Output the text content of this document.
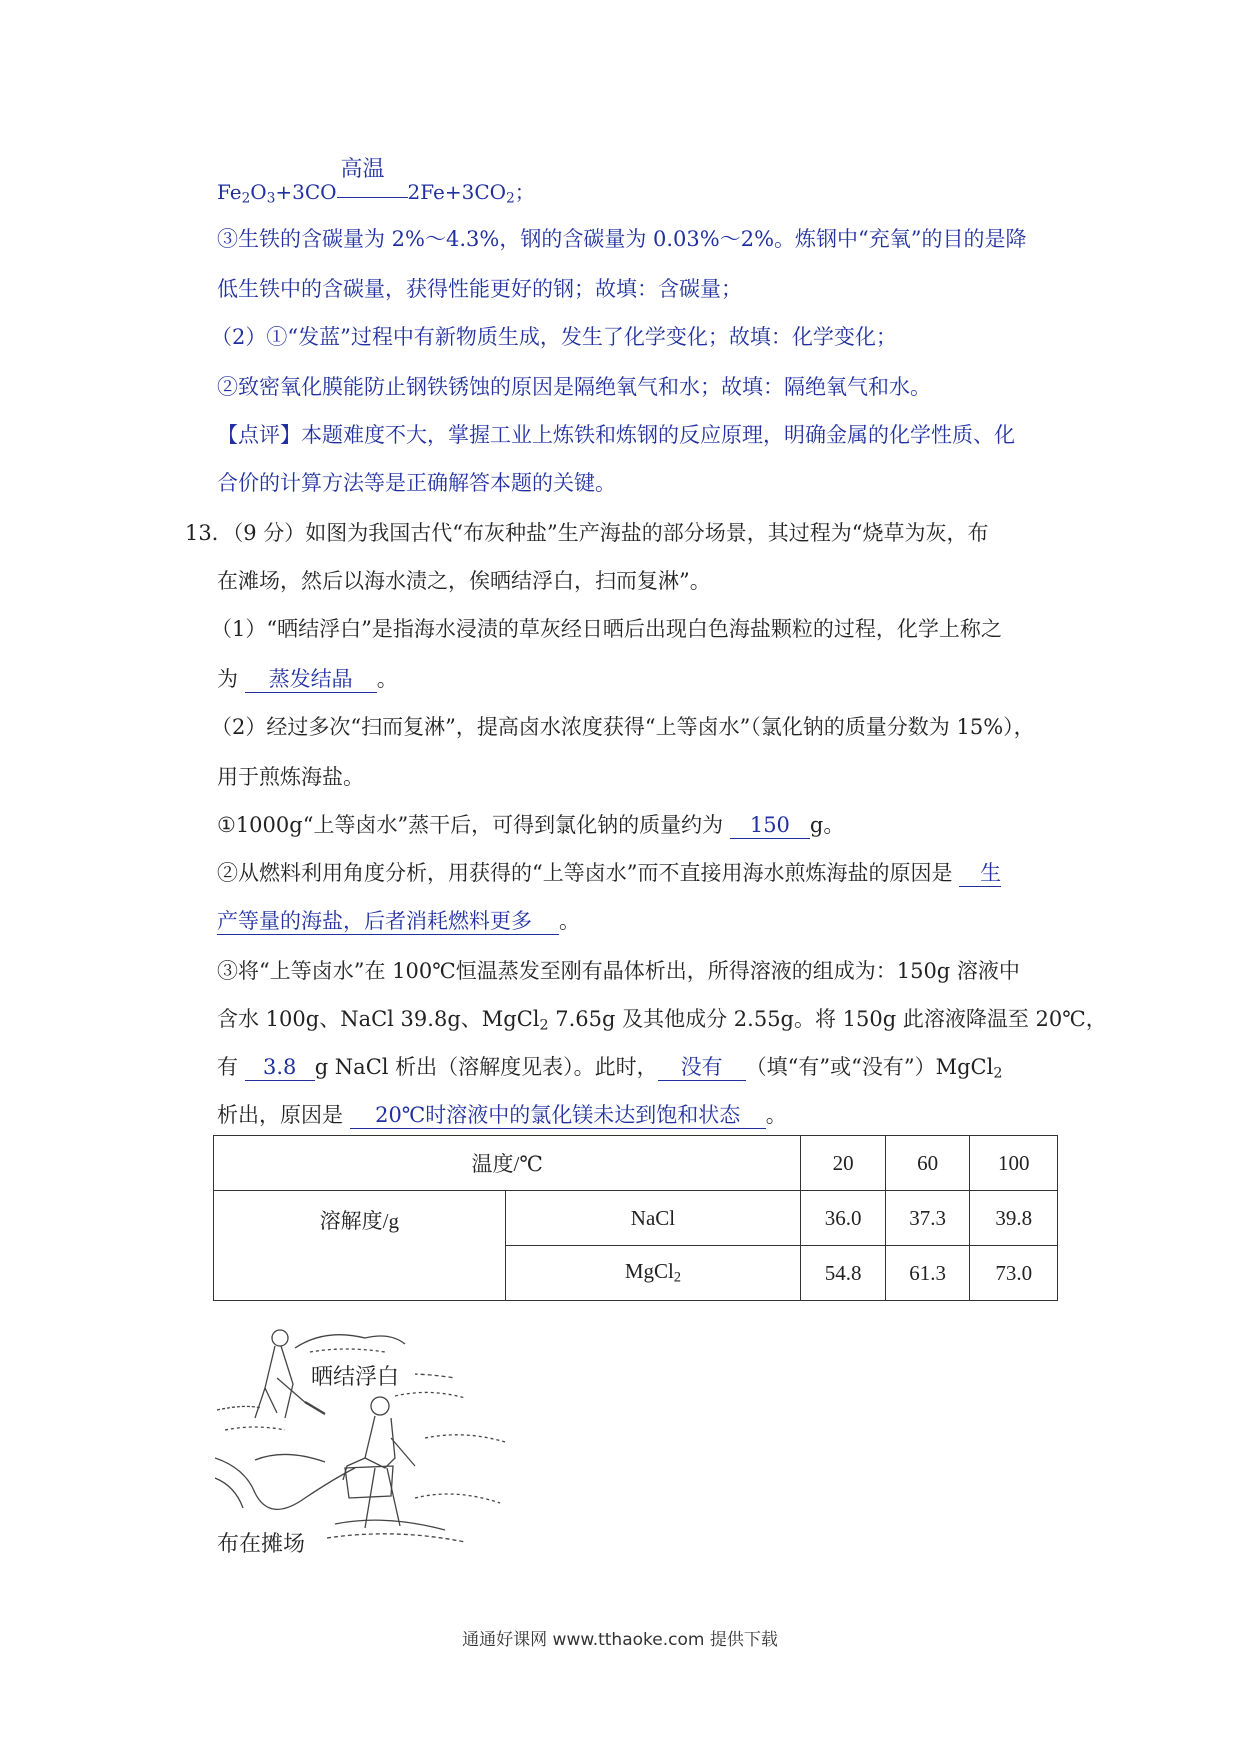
$Fe_2O_3+3CO$
高温

$2Fe+3CO_2$；
③生铁的含碳量为 2%～4.3%，钢的含碳量为 0.03%～2%。炼钢中“充氧”的目的是降
低生铁中的含碳量，获得性能更好的钢；故填：含碳量；
（2）①“发蓝”过程中有新物质生成，发生了化学变化；故填：化学变化；
②致密氧化膜能防止钢铁锈蚀的原因是隔绝氧气和水；故填：隔绝氧气和水。
【点评】本题难度不大，掌握工业上炼铁和炼钢的反应原理，明确金属的化学性质、化
合价的计算方法等是正确解答本题的关键。
13．（9 分）如图为我国古代“布灰种盐”生产海盐的部分场景，其过程为“烧草为灰，布
在滩场，然后以海水渍之，俟晒结浮白，扫而复淋”。
（1）“晒结浮白”是指海水浸渍的草灰经日晒后出现白色海盐颗粒的过程，化学上称之
为 蒸发结晶 。
（2）经过多次“扫而复淋”，提高卤水浓度获得“上等卤水”（氯化钠的质量分数为 15%），
用于煎炼海盐。
①1000g“上等卤水”蒸干后，可得到氯化钠的质量约为 150 g。
②从燃料利用角度分析，用获得的“上等卤水”而不直接用海水煎炼海盐的原因是 生
产等量的海盐，后者消耗燃料更多 。
③将“上等卤水”在 100℃恒温蒸发至刚有晶体析出，所得溶液的组成为：150g 溶液中
含水 100g、NaCl 39.8g、MgCl$_2$ 7.65g 及其他成分 2.55g。将 150g 此溶液降温至 20℃，
有 3.8 g NaCl 析出（溶解度见表）。此时， 没有 （填“有”或“没有”）MgCl$_2$
析出，原因是 20℃时溶液中的氯化镁未达到饱和状态 。
温度/℃		20	60	100
溶解度/g	NaCl	36.0	37.3	39.8
	MgCl$_2$	54.8	61.3	73.0
晒结浮白
布在摊场
通通好课网 www.tthaoke.com 提供下载
